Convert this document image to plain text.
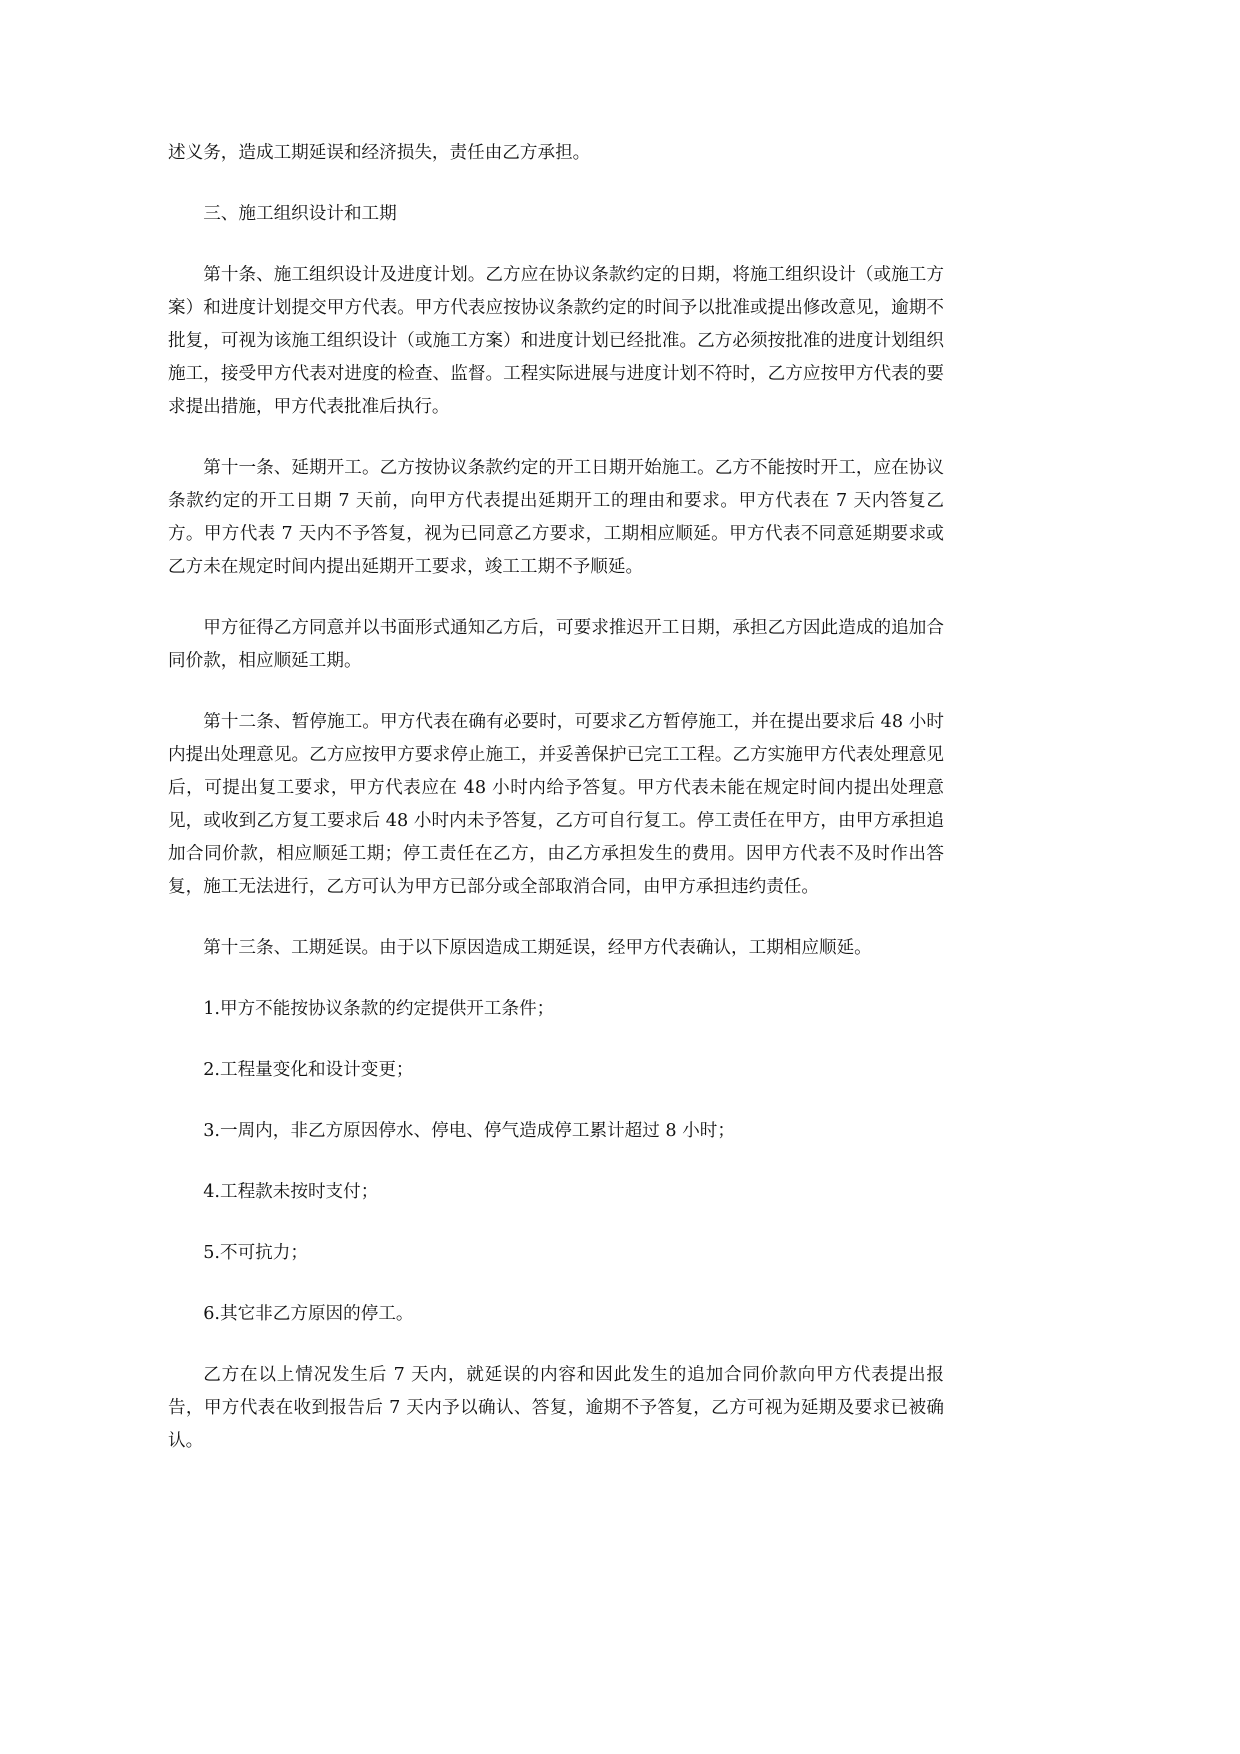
述义务，造成工期延误和经济损失，责任由乙方承担。

三、施工组织设计和工期

第十条、施工组织设计及进度计划。乙方应在协议条款约定的日期，将施工组织设计（或施工方案）和进度计划提交甲方代表。甲方代表应按协议条款约定的时间予以批准或提出修改意见，逾期不批复，可视为该施工组织设计（或施工方案）和进度计划已经批准。乙方必须按批准的进度计划组织施工，接受甲方代表对进度的检查、监督。工程实际进展与进度计划不符时，乙方应按甲方代表的要求提出措施，甲方代表批准后执行。

第十一条、延期开工。乙方按协议条款约定的开工日期开始施工。乙方不能按时开工，应在协议条款约定的开工日期 7 天前，向甲方代表提出延期开工的理由和要求。甲方代表在 7 天内答复乙方。甲方代表 7 天内不予答复，视为已同意乙方要求，工期相应顺延。甲方代表不同意延期要求或乙方未在规定时间内提出延期开工要求，竣工工期不予顺延。

甲方征得乙方同意并以书面形式通知乙方后，可要求推迟开工日期，承担乙方因此造成的追加合同价款，相应顺延工期。

第十二条、暂停施工。甲方代表在确有必要时，可要求乙方暂停施工，并在提出要求后 48 小时内提出处理意见。乙方应按甲方要求停止施工，并妥善保护已完工工程。乙方实施甲方代表处理意见后，可提出复工要求，甲方代表应在 48 小时内给予答复。甲方代表未能在规定时间内提出处理意见，或收到乙方复工要求后 48 小时内未予答复，乙方可自行复工。停工责任在甲方，由甲方承担追加合同价款，相应顺延工期；停工责任在乙方，由乙方承担发生的费用。因甲方代表不及时作出答复，施工无法进行，乙方可认为甲方已部分或全部取消合同，由甲方承担违约责任。

第十三条、工期延误。由于以下原因造成工期延误，经甲方代表确认，工期相应顺延。

1.甲方不能按协议条款的约定提供开工条件；

2.工程量变化和设计变更；

3.一周内，非乙方原因停水、停电、停气造成停工累计超过 8 小时；

4.工程款未按时支付；

5.不可抗力；

6.其它非乙方原因的停工。

乙方在以上情况发生后 7 天内，就延误的内容和因此发生的追加合同价款向甲方代表提出报告，甲方代表在收到报告后 7 天内予以确认、答复，逾期不予答复，乙方可视为延期及要求已被确认。
